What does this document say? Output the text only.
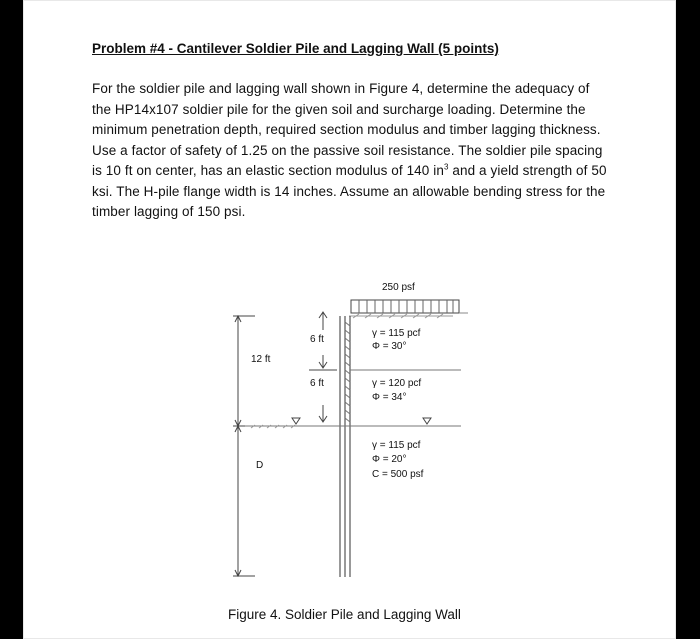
Problem #4 - Cantilever Soldier Pile and Lagging Wall (5 points)

For the soldier pile and lagging wall shown in Figure 4, determine the adequacy of the HP14x107 soldier pile for the given soil and surcharge loading. Determine the minimum penetration depth, required section modulus and timber lagging thickness. Use a factor of safety of 1.25 on the passive soil resistance. The soldier pile spacing is 10 ft on center, has an elastic section modulus of 140 $in^3$ and a yield strength of 50 ksi. The H-pile flange width is 14 inches. Assume an allowable bending stress for the timber lagging of 150 psi.

250 psf
12 ft
6 ft
6 ft
D
γ = 115 pcf
Φ = 30°
γ = 120 pcf
Φ = 34°
γ = 115 pcf
Φ = 20°
C = 500 psf
Figure 4. Soldier Pile and Lagging Wall
